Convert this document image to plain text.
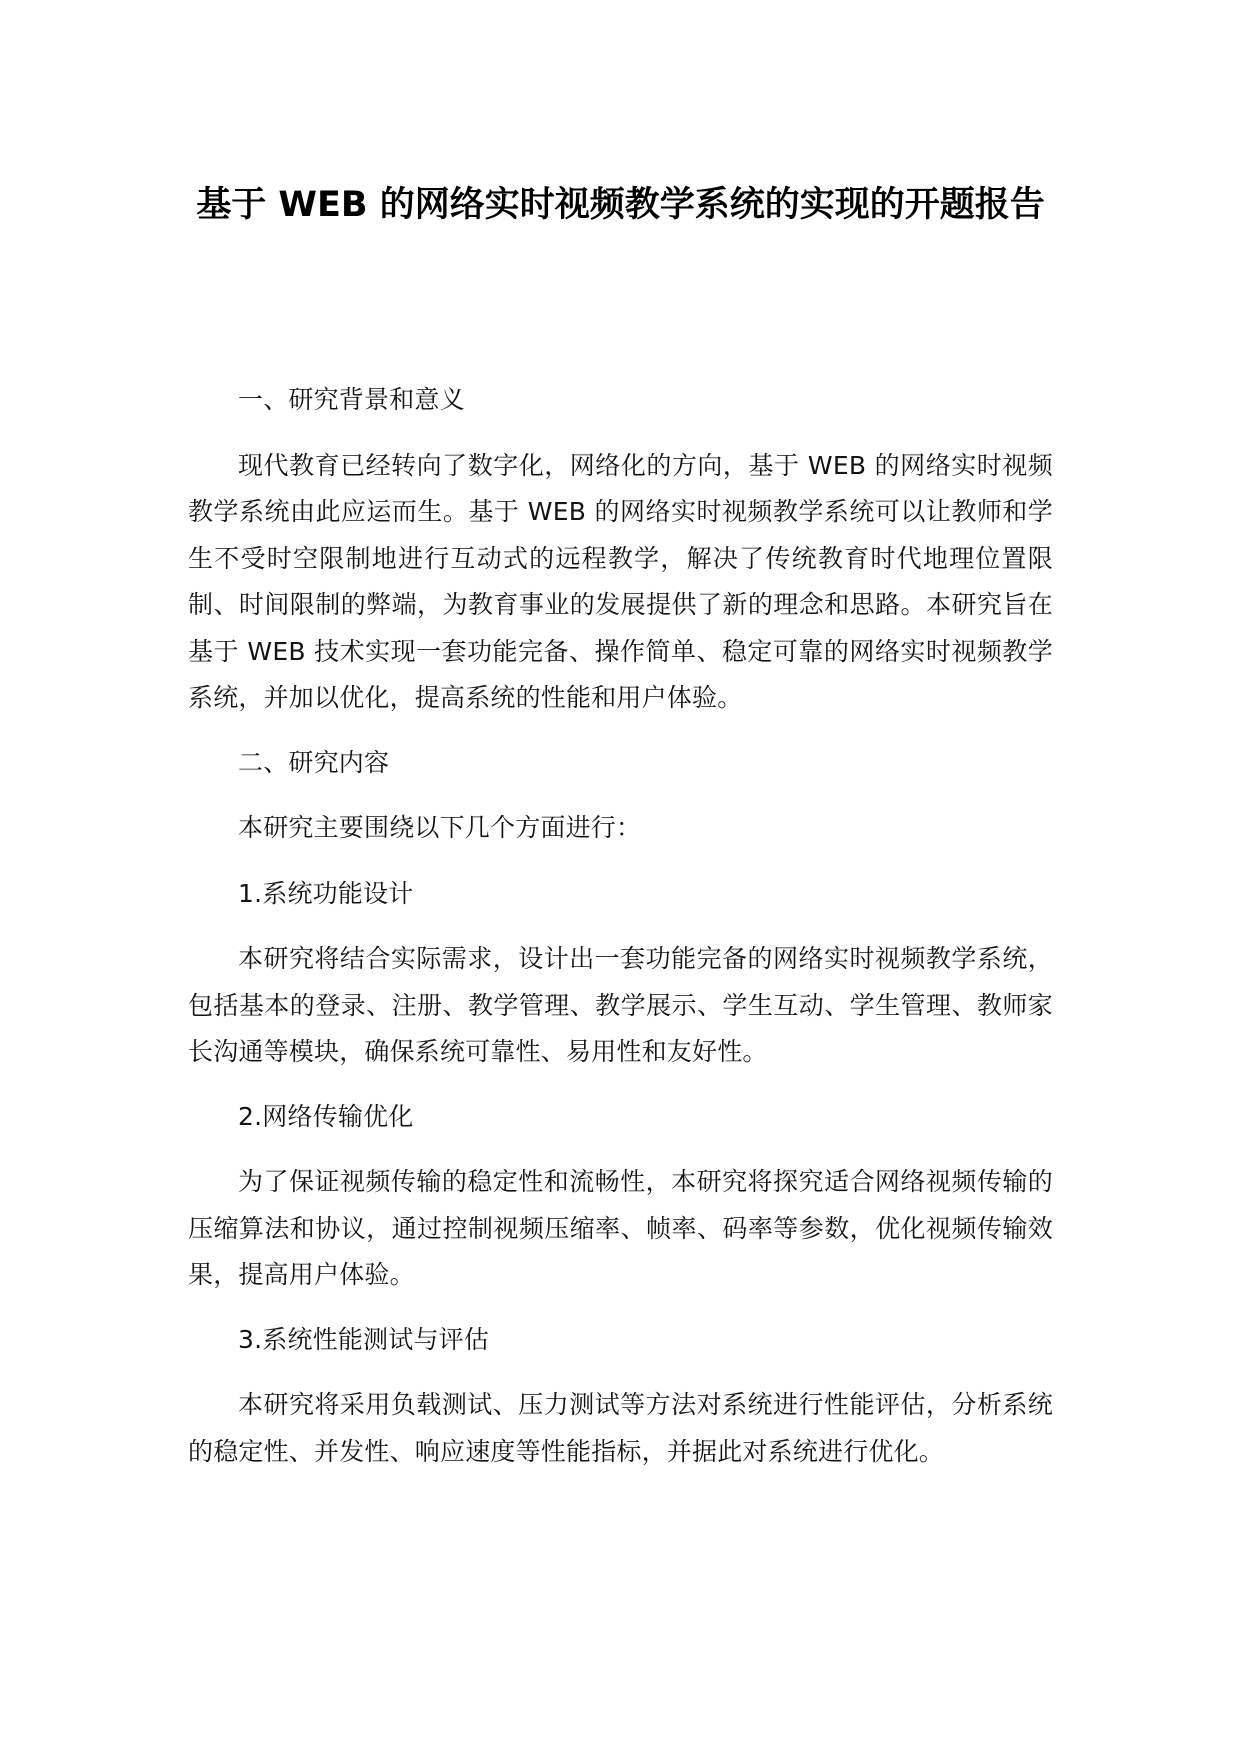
基于 WEB 的网络实时视频教学系统的实现的开题报告

一、研究背景和意义

现代教育已经转向了数字化，网络化的方向，基于 WEB 的网络实时视频教学系统由此应运而生。基于 WEB 的网络实时视频教学系统可以让教师和学生不受时空限制地进行互动式的远程教学，解决了传统教育时代地理位置限制、时间限制的弊端，为教育事业的发展提供了新的理念和思路。本研究旨在基于 WEB 技术实现一套功能完备、操作简单、稳定可靠的网络实时视频教学系统，并加以优化，提高系统的性能和用户体验。

二、研究内容

本研究主要围绕以下几个方面进行：

1.系统功能设计

本研究将结合实际需求，设计出一套功能完备的网络实时视频教学系统，包括基本的登录、注册、教学管理、教学展示、学生互动、学生管理、教师家长沟通等模块，确保系统可靠性、易用性和友好性。

2.网络传输优化

为了保证视频传输的稳定性和流畅性，本研究将探究适合网络视频传输的压缩算法和协议，通过控制视频压缩率、帧率、码率等参数，优化视频传输效果，提高用户体验。

3.系统性能测试与评估

本研究将采用负载测试、压力测试等方法对系统进行性能评估，分析系统的稳定性、并发性、响应速度等性能指标，并据此对系统进行优化。
